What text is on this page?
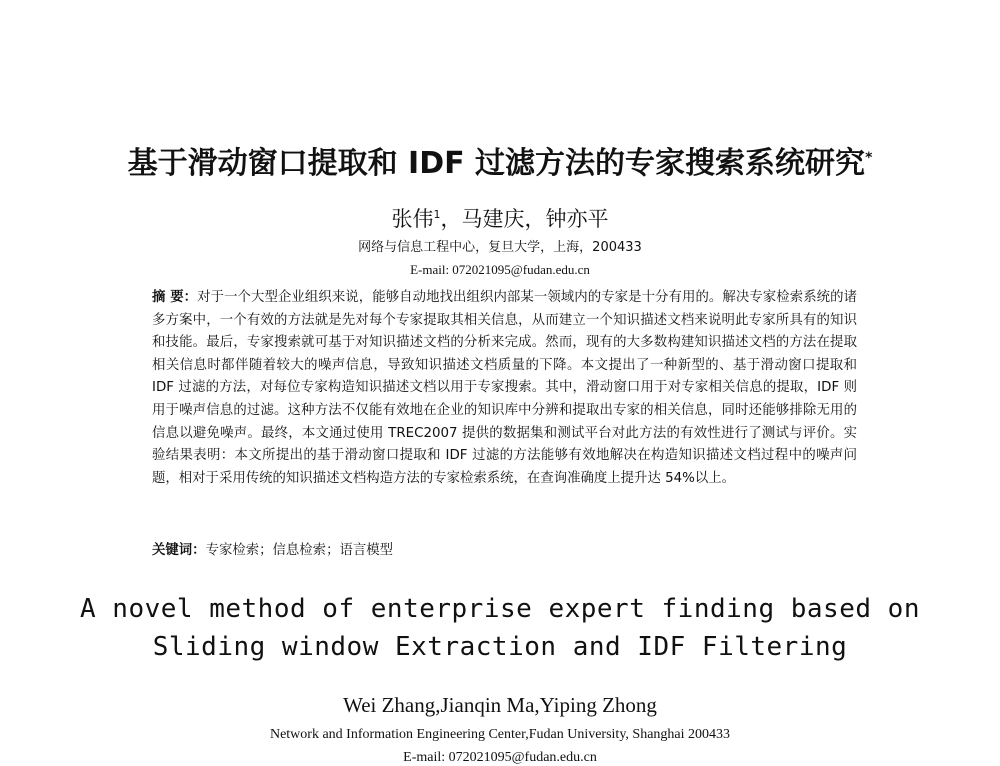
基于滑动窗口提取和 IDF 过滤方法的专家搜索系统研究*
张伟$^1$，马建庆，钟亦平
网络与信息工程中心，复旦大学，上海，200433
E-mail: 072021095@fudan.edu.cn
摘 要：对于一个大型企业组织来说，能够自动地找出组织内部某一领域内的专家是十分有用的。解决专家检索系统的诸多方案中，一个有效的方法就是先对每个专家提取其相关信息，从而建立一个知识描述文档来说明此专家所具有的知识和技能。最后，专家搜索就可基于对知识描述文档的分析来完成。然而，现有的大多数构建知识描述文档的方法在提取相关信息时都伴随着较大的噪声信息，导致知识描述文档质量的下降。本文提出了一种新型的、基于滑动窗口提取和 IDF 过滤的方法，对每位专家构造知识描述文档以用于专家搜索。其中，滑动窗口用于对专家相关信息的提取，IDF 则用于噪声信息的过滤。这种方法不仅能有效地在企业的知识库中分辨和提取出专家的相关信息，同时还能够排除无用的信息以避免噪声。最终，本文通过使用 TREC2007 提供的数据集和测试平台对此方法的有效性进行了测试与评价。实验结果表明：本文所提出的基于滑动窗口提取和 IDF 过滤的方法能够有效地解决在构造知识描述文档过程中的噪声问题，相对于采用传统的知识描述文档构造方法的专家检索系统，在查询准确度上提升达 54%以上。
关键词：专家检索；信息检索；语言模型
A novel method of enterprise expert finding based on
Sliding window Extraction and IDF Filtering
Wei Zhang,Jianqin Ma,Yiping Zhong
Network and Information Engineering Center,Fudan University, Shanghai 200433
E-mail: 072021095@fudan.edu.cn
